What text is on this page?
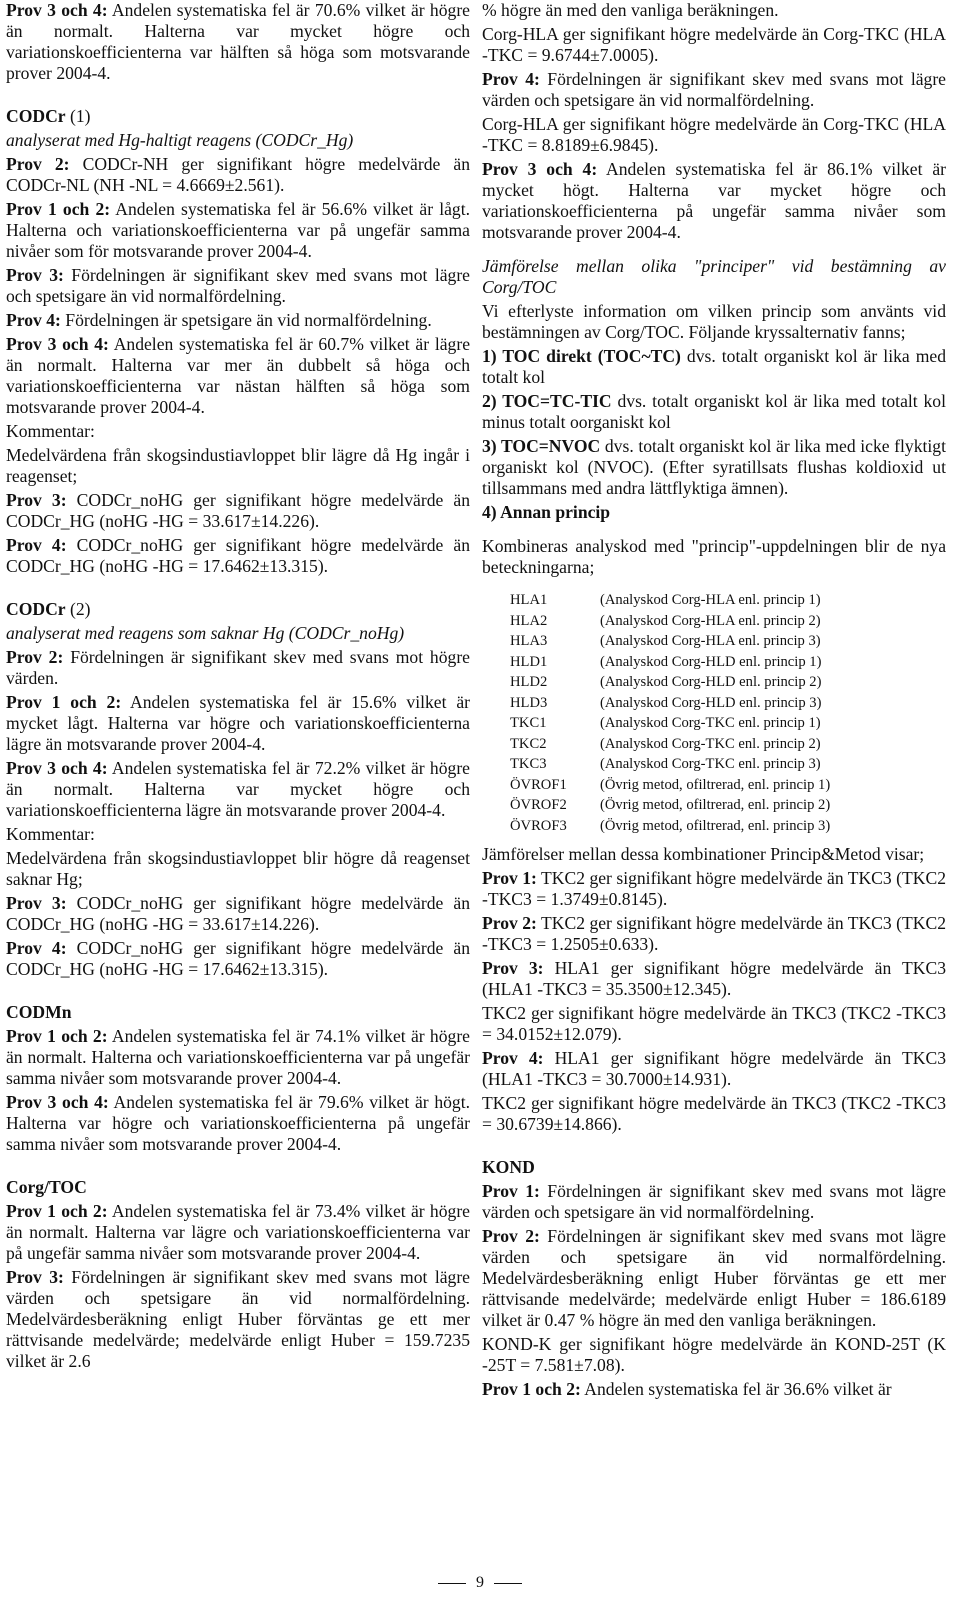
Prov 3 och 4: Andelen systematiska fel är 70.6% vilket är högre än normalt. Halterna var mycket högre och variationskoefficienterna var hälften så höga som motsvarande prover 2004-4.

CODCr (1)

analyserat med Hg-haltigt reagens (CODCr_Hg)

Prov 2: CODCr-NH ger signifikant högre medelvärde än CODCr-NL (NH -NL = 4.6669±2.561).

Prov 1 och 2: Andelen systematiska fel är 56.6% vilket är lågt. Halterna och variationskoefficienterna var på ungefär samma nivåer som för motsvarande prover 2004-4.

Prov 3: Fördelningen är signifikant skev med svans mot lägre och spetsigare än vid normalfördelning.

Prov 4: Fördelningen är spetsigare än vid normalfördelning.

Prov 3 och 4: Andelen systematiska fel är 60.7% vilket är lägre än normalt. Halterna var mer än dubbelt så höga och variationskoefficienterna var nästan hälften så höga som motsvarande prover 2004-4.

Kommentar:

Medelvärdena från skogsindustiavloppet blir lägre då Hg ingår i reagenset;

Prov 3: CODCr_noHG ger signifikant högre medelvärde än CODCr_HG (noHG -HG = 33.617±14.226).

Prov 4: CODCr_noHG ger signifikant högre medelvärde än CODCr_HG (noHG -HG = 17.6462±13.315).

CODCr (2)

analyserat med reagens som saknar Hg (CODCr_noHg)

Prov 2: Fördelningen är signifikant skev med svans mot högre värden.

Prov 1 och 2: Andelen systematiska fel är 15.6% vilket är mycket lågt. Halterna var högre och variationskoefficienterna lägre än motsvarande prover 2004-4.

Prov 3 och 4: Andelen systematiska fel är 72.2% vilket är högre än normalt. Halterna var mycket högre och variationskoefficienterna lägre än motsvarande prover 2004-4.

Kommentar:

Medelvärdena från skogsindustiavloppet blir högre då reagenset saknar Hg;

Prov 3: CODCr_noHG ger signifikant högre medelvärde än CODCr_HG (noHG -HG = 33.617±14.226).

Prov 4: CODCr_noHG ger signifikant högre medelvärde än CODCr_HG (noHG -HG = 17.6462±13.315).

CODMn

Prov 1 och 2: Andelen systematiska fel är 74.1% vilket är högre än normalt. Halterna och variationskoefficienterna var på ungefär samma nivåer som motsvarande prover 2004-4.

Prov 3 och 4: Andelen systematiska fel är 79.6% vilket är högt. Halterna var högre och variationskoefficienterna på ungefär samma nivåer som motsvarande prover 2004-4.

Corg/TOC

Prov 1 och 2: Andelen systematiska fel är 73.4% vilket är högre än normalt. Halterna var lägre och variationskoefficienterna var på ungefär samma nivåer som motsvarande prover 2004-4.

Prov 3: Fördelningen är signifikant skev med svans mot lägre värden och spetsigare än vid normalfördelning. Medelvärdesberäkning enligt Huber förväntas ge ett mer rättvisande medelvärde; medelvärde enligt Huber = 159.7235 vilket är 2.6

% högre än med den vanliga beräkningen.

Corg-HLA ger signifikant högre medelvärde än Corg-TKC (HLA -TKC = 9.6744±7.0005).

Prov 4: Fördelningen är signifikant skev med svans mot lägre värden och spetsigare än vid normalfördelning.

Corg-HLA ger signifikant högre medelvärde än Corg-TKC (HLA -TKC = 8.8189±6.9845).

Prov 3 och 4: Andelen systematiska fel är 86.1% vilket är mycket högt. Halterna var mycket högre och variationskoefficienterna på ungefär samma nivåer som motsvarande prover 2004-4.

Jämförelse mellan olika "principer" vid bestämning av Corg/TOC

Vi efterlyste information om vilken princip som använts vid bestämningen av Corg/TOC. Följande kryssalternativ fanns;

1) TOC direkt (TOC~TC) dvs. totalt organiskt kol är lika med totalt kol

2) TOC=TC-TIC dvs. totalt organiskt kol är lika med totalt kol minus totalt oorganiskt kol

3) TOC=NVOC dvs. totalt organiskt kol är lika med icke flyktigt organiskt kol (NVOC). (Efter syratillsats flushas koldioxid ut tillsammans med andra lättflyktiga ämnen).

4) Annan princip

Kombineras analyskod med "princip"-uppdelningen blir de nya beteckningarna;

HLA1	(Analyskod Corg-HLA enl. princip 1)
HLA2	(Analyskod Corg-HLA enl. princip 2)
HLA3	(Analyskod Corg-HLA enl. princip 3)
HLD1	(Analyskod Corg-HLD enl. princip 1)
HLD2	(Analyskod Corg-HLD enl. princip 2)
HLD3	(Analyskod Corg-HLD enl. princip 3)
TKC1	(Analyskod Corg-TKC enl. princip 1)
TKC2	(Analyskod Corg-TKC enl. princip 2)
TKC3	(Analyskod Corg-TKC enl. princip 3)
ÖVROF1	(Övrig metod, ofiltrerad, enl. princip 1)
ÖVROF2	(Övrig metod, ofiltrerad, enl. princip 2)
ÖVROF3	(Övrig metod, ofiltrerad, enl. princip 3)

Jämförelser mellan dessa kombinationer Princip&Metod visar;

Prov 1: TKC2 ger signifikant högre medelvärde än TKC3 (TKC2 -TKC3 = 1.3749±0.8145).

Prov 2: TKC2 ger signifikant högre medelvärde än TKC3 (TKC2 -TKC3 = 1.2505±0.633).

Prov 3: HLA1 ger signifikant högre medelvärde än TKC3 (HLA1 -TKC3 = 35.3500±12.345).

TKC2 ger signifikant högre medelvärde än TKC3 (TKC2 -TKC3 = 34.0152±12.079).

Prov 4: HLA1 ger signifikant högre medelvärde än TKC3 (HLA1 -TKC3 = 30.7000±14.931).

TKC2 ger signifikant högre medelvärde än TKC3 (TKC2 -TKC3 = 30.6739±14.866).

KOND

Prov 1: Fördelningen är signifikant skev med svans mot lägre värden och spetsigare än vid normalfördelning.

Prov 2: Fördelningen är signifikant skev med svans mot lägre värden och spetsigare än vid normalfördelning. Medelvärdesberäkning enligt Huber förväntas ge ett mer rättvisande medelvärde; medelvärde enligt Huber = 186.6189 vilket är 0.47 % högre än med den vanliga beräkningen.

KOND-K ger signifikant högre medelvärde än KOND-25T (K -25T = 7.581±7.08).

Prov 1 och 2: Andelen systematiska fel är 36.6% vilket är

9
